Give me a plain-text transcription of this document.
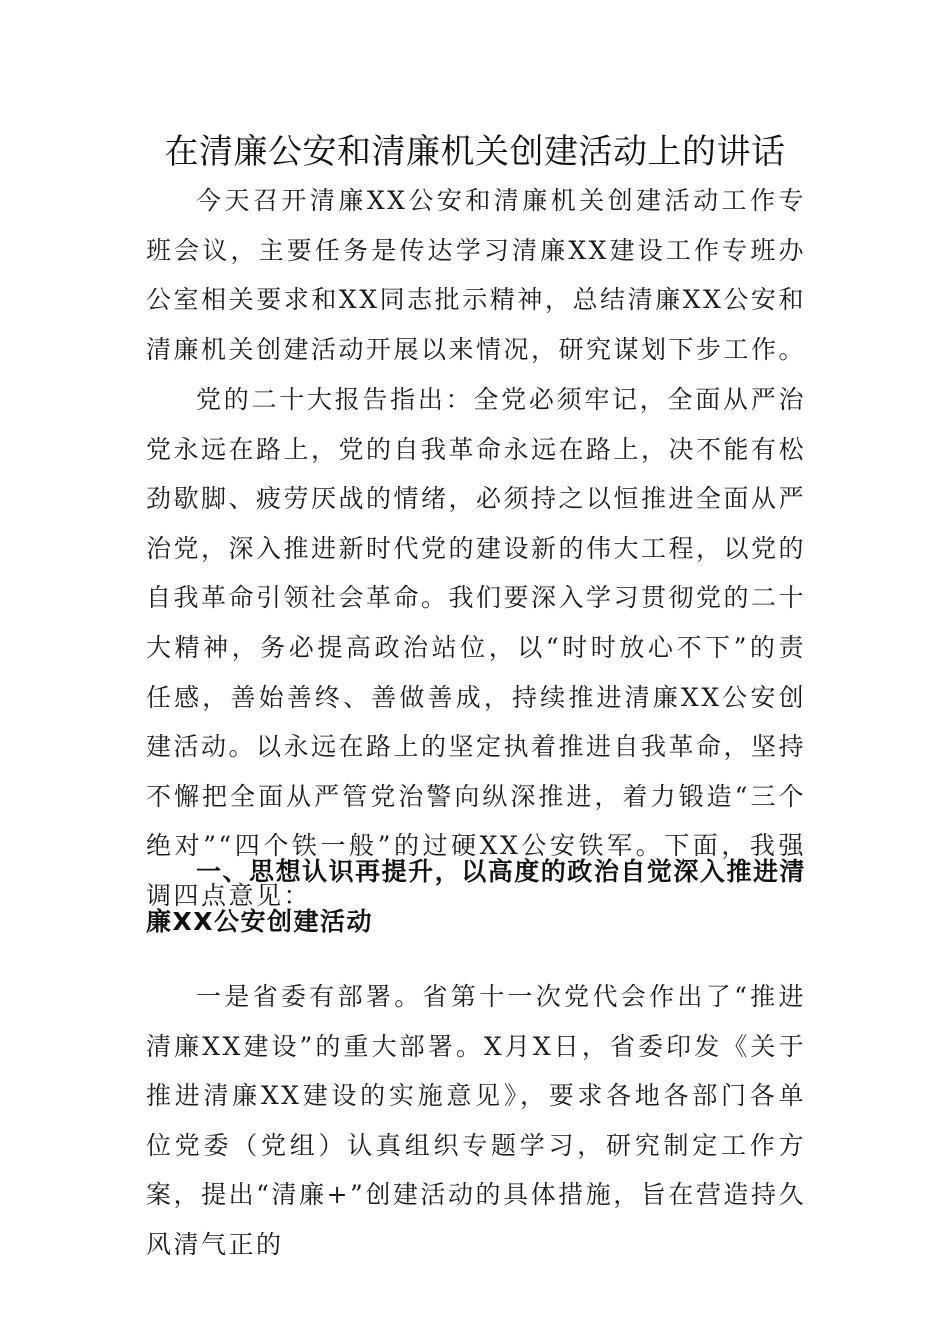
在清廉公安和清廉机关创建活动上的讲话

今天召开清廉XX公安和清廉机关创建活动工作专班会议，主要任务是传达学习清廉XX建设工作专班办公室相关要求和XX同志批示精神，总结清廉XX公安和清廉机关创建活动开展以来情况，研究谋划下步工作。

党的二十大报告指出：全党必须牢记，全面从严治党永远在路上，党的自我革命永远在路上，决不能有松劲歇脚、疲劳厌战的情绪，必须持之以恒推进全面从严治党，深入推进新时代党的建设新的伟大工程，以党的自我革命引领社会革命。我们要深入学习贯彻党的二十大精神，务必提高政治站位，以“时时放心不下”的责任感，善始善终、善做善成，持续推进清廉XX公安创建活动。以永远在路上的坚定执着推进自我革命，坚持不懈把全面从严管党治警向纵深推进，着力锻造“三个绝对”“四个铁一般”的过硬XX公安铁军。下面，我强调四点意见：

一、思想认识再提升，以高度的政治自觉深入推进清廉XX公安创建活动

一是省委有部署。省第十一次党代会作出了“推进清廉XX建设”的重大部署。X月X日，省委印发《关于推进清廉XX建设的实施意见》，要求各地各部门各单位党委（党组）认真组织专题学习，研究制定工作方案，提出“清廉+”创建活动的具体措施，旨在营造持久风清气正的
